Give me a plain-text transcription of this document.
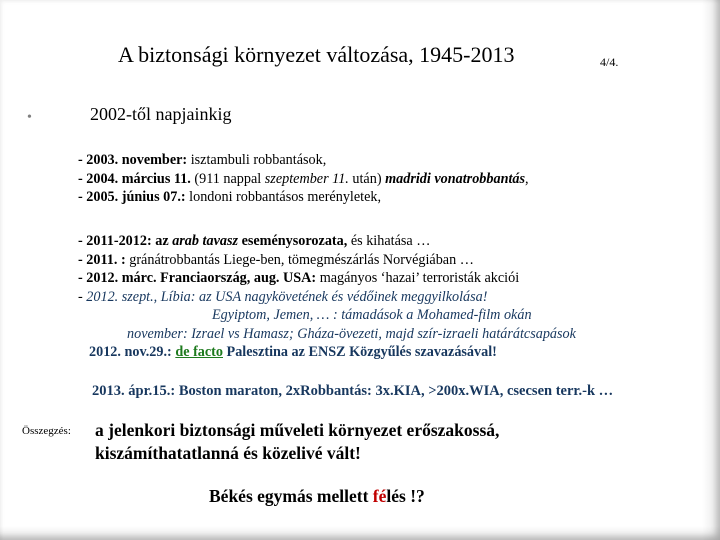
A biztonsági környezet változása, 1945-2013	4/4.
•	2002-től napjainkig
- 2003. november: isztambuli robbantások,
- 2004. március 11. (911 nappal szeptember 11. után) madridi vonatrobbantás,
- 2005. június 07.: londoni robbantásos merényletek,
- 2011-2012: az arab tavasz eseménysorozata, és kihatása …
- 2011. : gránátrobbantás Liege-ben, tömegmészárlás Norvégiában …
- 2012. márc. Franciaország, aug. USA: magányos ‘hazai’ terroristák akciói
- 2012. szept., Líbia: az USA nagykövetének és védőinek meggyilkolása!
Egyiptom, Jemen, … : támadások a Mohamed-film okán
november: Izrael vs Hamasz; Gháza-övezeti, majd szír-izraeli határátcsapások
2012. nov.29.: de facto Palesztina az ENSZ Közgyűlés szavazásával!
2013. ápr.15.: Boston maraton, 2xRobbantás: 3x.KIA, >200x.WIA, csecsen terr.-k …
Összegzés: a jelenkori biztonsági műveleti környezet erőszakossá,
kiszámíthatatlanná és közelivé vált!
Békés egymás mellett félés !?
